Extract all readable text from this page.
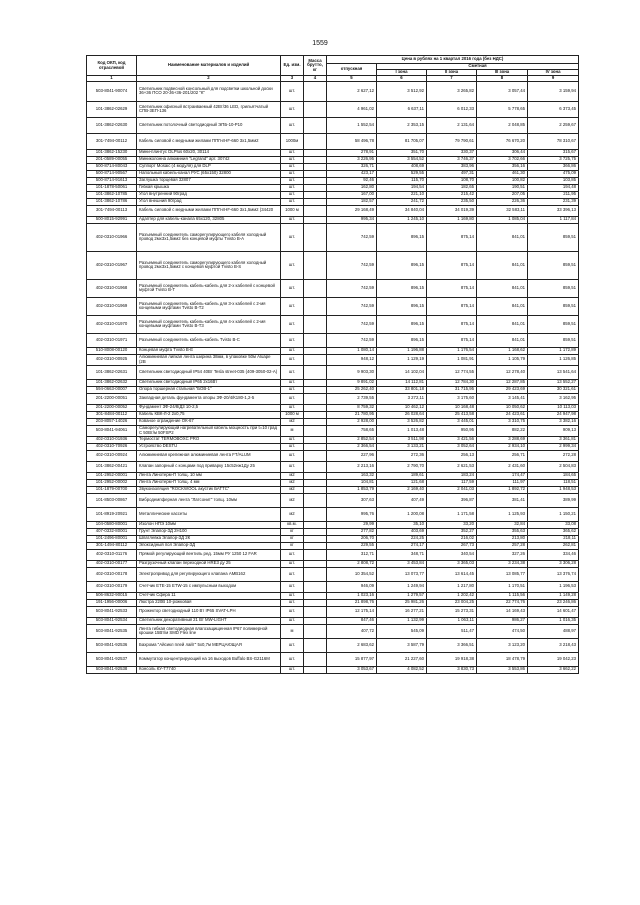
1559
Код ОКП, код отраслевой	Наименование материалов и изделий	Ед. изм.	Масса брутто, кг	Цена в рублях на 1 квартал 2016 года (без НДС)				
				отпускная	Сметная			
					I зона	II зона	III зона	IV зона
1	2	3	4	5	6	7	8	9
503-8041-90074	Светильник подвесной консольный для подсветки школьной доски 36+36 ПСО 20-36+36-201/202 "К"	шт.		2 627,12	3 512,92	3 265,82	3 057,44	3 159,94
101-3862-02629	Светильник офисный встраиваемый 42Вт/36 LED, грильятчатый СПВ-3ЕП-136	шт.		4 961,02	6 637,11	6 012,33	5 778,65	6 373,45
101-3862-02630	Светильник потолочный светодиодный ЭПБ-10-Р10	шт.		1 552,54	2 353,15	2 131,64	2 048,85	2 259,67
301-7494-00112	Кабель силовой с медными жилами ППГнгНF-660 3х1,5мм2	1000м		58 496,78	81 705,07	79 790,61	76 670,20	78 310,67
101-3862-15230	Мини-плинтус DLPlus 60х20, 30114	шт.		278,91	351,70	330,37	306,44	315,67
201-0589-00055	Миниколонна алюминия "Legrand" арт. 30742	шт.		3 226,95	3 554,52	3 746,37	3 702,66	3 725,75
500-8714-80043	Суппорт Mosaic (4 модуля) для DLP	шт.		326,71	408,69	383,96	356,16	366,86
500-8714-90567	Напольный кабель-канал РУС (65х150) 32800	шт.		423,17	529,55	497,31	461,30	475,09
500-8714-91613	Заглушка торцевая 32807	шт.		92,46	115,70	108,70	100,82	103,85
101-1878-50061	Гибкая крышка	шт.		162,80	194,54	182,65	190,51	194,48
101-3862-10785	Угол внутренний 90град	шт.		167,00	221,10	215,42	207,05	211,95
101-3862-10786	Угол внешний 90град	шт.		182,57	241,72	235,50	226,36	231,39
301-7494-00113	Кабель силовой с медными жилами ППГнгНF-660 3х1,5мм2 (34420	1000 м		29 168,49	34 840,04	34 019,39	32 583,11	33 396,13
500-8015-92991	Адаптер для кабель-канала 65х120, 32805	шт.		995,34	1 245,10	1 169,80	1 085,04	1 117,84
402-0310-01966	Разъемный соединитель саморегулирующего кабеля холодный провод 2мх3х1,5мм2 без концевой муфты Tvisto B-A	шт.		742,59	896,15	875,14	841,01	859,51
402-0310-01967	Разъемный соединитель саморегулирующего кабеля холодный провод 2мх3х1,5мм2 с концевой муфтой Tvisto B-S	шт.		742,59	896,15	875,14	841,01	859,51
402-0310-01968	Разъемный соединитель кабель-кабель для 2-х кабелей с концевой муфтой Tvisto B-T	шт.		742,59	896,15	875,14	841,01	859,51
402-0310-01969	Разъемный соединитель кабель-кабель для 3-х кабелей с 2-мя концевыми муфтами Tvisto B-T2	шт.		742,59	896,15	875,14	841,01	859,51
402-0310-01970	Разъемный соединитель кабель-кабель для 4-х кабелей с 2-мя концевыми муфтами Tvisto B-T3	шт.		742,59	896,15	875,14	841,01	859,51
402-0310-01971	Разъемный соединитель кабель-кабель Tvisto B-C	шт.		742,59	896,15	875,14	841,01	859,51
510-8008-00120	Концевая муфта Tvisto B-E	шт.		1 080,14	1 196,88	1 176,54	1 168,62	1 172,89
402-0310-00925	Алюминиевая липкая лента ширина 38мм, в упаковке 50м Aluape (2В	шт.		948,12	1 129,19	1 081,91	1 105,79	1 126,85
101-3862-02631	Светильник светодиодный IP54 40Вт Tesla street-035 (409-3050-02-A)	шт.		9 903,30	14 102,04	12 774,55	12 278,40	13 541,64
101-3862-02632	Светильник светодиодный IP65 2х16Вт	шт.		9 891,02	14 112,81	12 784,30	12 287,85	13 552,27
594-0663-00007	Опора торшерная стальная "БОВ-1"	шт.		25 262,40	33 801,18	31 715,95	29 423,69	30 321,61
201-2200-00051	Закладная деталь фундамента опоры ЗФ-20/4/К180-1,2-5	шт.		2 739,55	3 272,11	3 175,60	3 145,41	3 162,95
201-2200-00052	Фундамент ЗФ-24/8/Д3 10-2,5	шт.		8 759,32	10 462,12	10 168,48	10 050,62	10 113,03
301-8484-00112	Кабель КВК-Л-2 2х0,75	1000 м		21 780,95	26 028,64	25 413,58	24 423,61	24 947,98
203-8057-14026	Кованое ограждение ОК-67	м2		2 928,00	3 526,82	3 445,01	3 310,75	3 382,16
503-8041-94061	Саморегулирующий нагревательный кабель мощность при t=10 град С 50Вт/м 50FSP2	м		758,65	1 013,48	950,95	882,22	909,13
402-0310-01936	Термостат TERMOBOXC PRO	шт.		2 852,54	3 511,98	3 421,56	3 288,69	3 361,81
402-0310-70926	Устройство DESTU	шт.		2 366,54	3 133,21	3 052,64	2 934,10	2 999,34
402-0310-00924	Алюминиевая крепежная алюминиевая лента FT/ALUM	шт.		227,96	272,36	256,13	256,71	272,28
101-3862-00421	Клапан запорный с концами под приварку 15с52нж1Ду 25	шт.		2 213,16	2 790,70	2 621,53	2 431,60	2 504,83
101-2952-00001	Лента Линотерм-П толщ. 10 мм	м2		163,32	189,61	183,24	174,47	184,65
101-2952-00002	Лента Линотерм-П толщ. 4 мм	м2		104,81	121,68	117,59	111,97	118,51
101-1879-00700	Звукоизоляция "ROCKWOOL акустик БАТТС"	м2		1 853,79	2 169,40	2 041,03	1 892,72	1 948,53
101-8503-00867	Вибродемпферная лента "Латсонит" толщ. 10мм	м2		307,63	407,49	396,87	381,41	389,99
101-8919-20921	Металлические кассеты	м2		995,76	1 200,08	1 171,58	1 125,93	1 150,21
104-0580-80001	Изолон НПЭ 10мм	кв.м.		29,99	35,10	33,20	32,84	33,08
407-0332-80001	Грунт Эпапор-ЗД 2Н100	кг		277,82	403,69	352,27	355,63	365,62
101-2496-80001	Шпатлевка Эпапор-ЗД 2К	кг		206,70	224,25	216,02	213,80	218,11
301-1494-80112	Эпоксидный пол Эпапор-ЗД	кг		229,55	274,17	267,73	257,28	262,81
402-0310-01176	Прямой регулирующий вентиль ред. 15мм РУ 1250 12 FAR	шт.		312,71	348,71	340,54	327,26	334,46
402-0310-00177	Разгрузочный клапан переходной HRE3 ду 25	шт.		2 808,72	3 453,84	3 365,03	3 234,38	3 306,28
402-0310-00178	Электропривод для регулирующего клапана AMB162	шт.		10 354,52	13 073,77	13 614,45	13 085,77	13 376,74
402-0310-00179	Счетчик ETE-15 ETW-15 с импульсным выходом	шт.		946,09	1 249,94	1 217,80	1 170,51	1 196,53
506-8632-90015	Счетчик Сфера 11	шт.		1 023,16	1 279,57	1 202,42	1 115,56	1 149,28
191-1956-00006	Люстра 220В 10-рожковая	шт.		21 898,76	25 981,26	23 004,25	22 774,76	23 246,86
503-8041-92533	Прожектор светодиодный 110 Вт IP65 SVAT-LPH	шт.		12 175,14	16 277,21	15 273,31	14 169,43	14 601,47
503-8041-92534	Светильник декоративный 21 Вт MW-LIGHT	шт.		847,46	1 132,99	1 063,11	986,27	1 016,35
503-8041-92535	Лента гибкая светодиодная влагозащищенная IP67 полимерной крошки 15Вт/м SMD Flex line	м		407,72	545,09	511,47	474,50	488,97
503-8041-92536	Бахрома "Айсикл плей лайт" 5х0,7м МЕРЦАЮЩАЯ	шт.		2 683,62	3 587,79	3 366,51	3 123,20	3 218,43
503-8041-92537	Коммутатор концентрирующий на 16 выходов Buffalo BS-G2116M	шт.		15 877,97	21 227,60	19 918,38	18 478,79	19 042,23
503-8041-92538	Консоль КУ-Т7740	шт.		3 053,67	4 082,52	3 830,73	3 553,86	3 662,22
